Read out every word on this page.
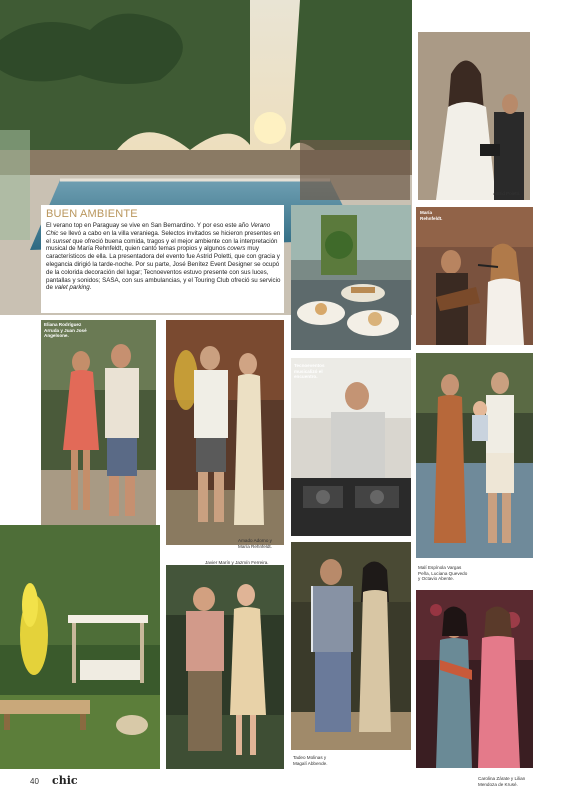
BUEN AMBIENTE

El verano top en Paraguay se vive en San Bernardino. Y por eso este año Verano Chic se llevó a cabo en la villa veraniega. Selectos invitados se hicieron presentes en el sunset que ofreció buena comida, tragos y el mejor ambiente con la interpretación musical de María Rehnfeldt, quien cantó temas propios y algunos covers muy característicos de ella. La presentadora del evento fue Astrid Poletti, que con gracia y elegancia dirigió la tarde-noche. Por su parte, José Benítez Event Designer se ocupó de la colorida decoración del lugar; Tecnoeventos estuvo presente con sus luces, pantallas y sonidos; SASA, con sus ambulancias, y el Touring Club ofreció su servicio de valet parking.

Astrid Poletti.
María
Rehnfeldt.
Eliana Rodríguez
Arruda y Juan José
Angelsone.
Amado Adorno y
María Rehnfeldt.
Tecnoeventos
musicalizó el
encuentro.
Malí Espínola Vargas
Peña, Luciana Quevedo
y Octavio Abente.
Javier Marín y Jazmín Ferreira.
Tadeo Molinas y
Magalí Abbende.
Carolina Zárate y Lilian
Mendoza de Krusé.
40 chic
